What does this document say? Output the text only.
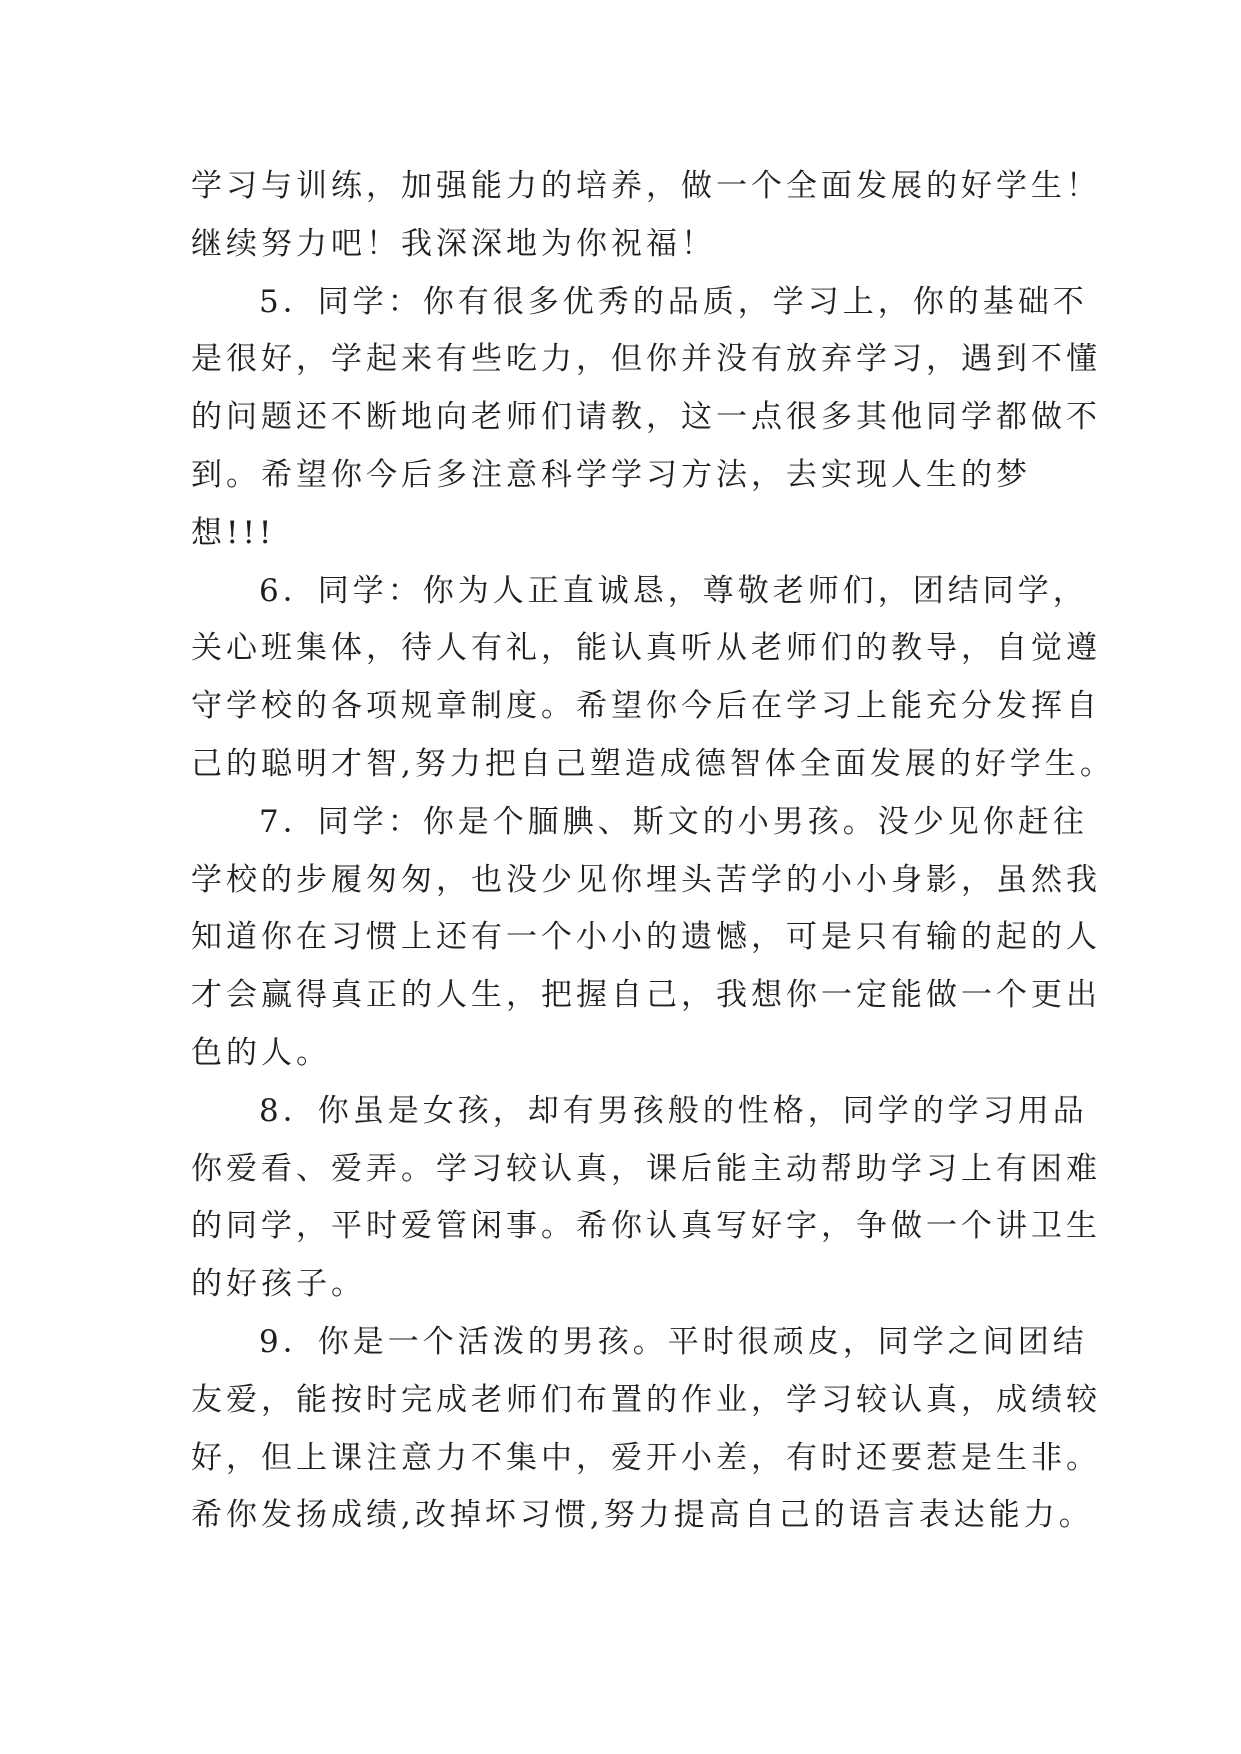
学习与训练，加强能力的培养，做一个全面发展的好学生！
继续努力吧！我深深地为你祝福！
5．同学：你有很多优秀的品质，学习上，你的基础不
是很好，学起来有些吃力，但你并没有放弃学习，遇到不懂
的问题还不断地向老师们请教，这一点很多其他同学都做不
到。希望你今后多注意科学学习方法，去实现人生的梦
想!!!
6．同学：你为人正直诚恳，尊敬老师们，团结同学，
关心班集体，待人有礼，能认真听从老师们的教导，自觉遵
守学校的各项规章制度。希望你今后在学习上能充分发挥自
己的聪明才智,努力把自己塑造成德智体全面发展的好学生。
7．同学：你是个腼腆、斯文的小男孩。没少见你赶往
学校的步履匆匆，也没少见你埋头苦学的小小身影，虽然我
知道你在习惯上还有一个小小的遗憾，可是只有输的起的人
才会赢得真正的人生，把握自己，我想你一定能做一个更出
色的人。
8．你虽是女孩，却有男孩般的性格，同学的学习用品
你爱看、爱弄。学习较认真，课后能主动帮助学习上有困难
的同学，平时爱管闲事。希你认真写好字，争做一个讲卫生
的好孩子。
9．你是一个活泼的男孩。平时很顽皮，同学之间团结
友爱，能按时完成老师们布置的作业，学习较认真，成绩较
好，但上课注意力不集中，爱开小差，有时还要惹是生非。
希你发扬成绩,改掉坏习惯,努力提高自己的语言表达能力。
